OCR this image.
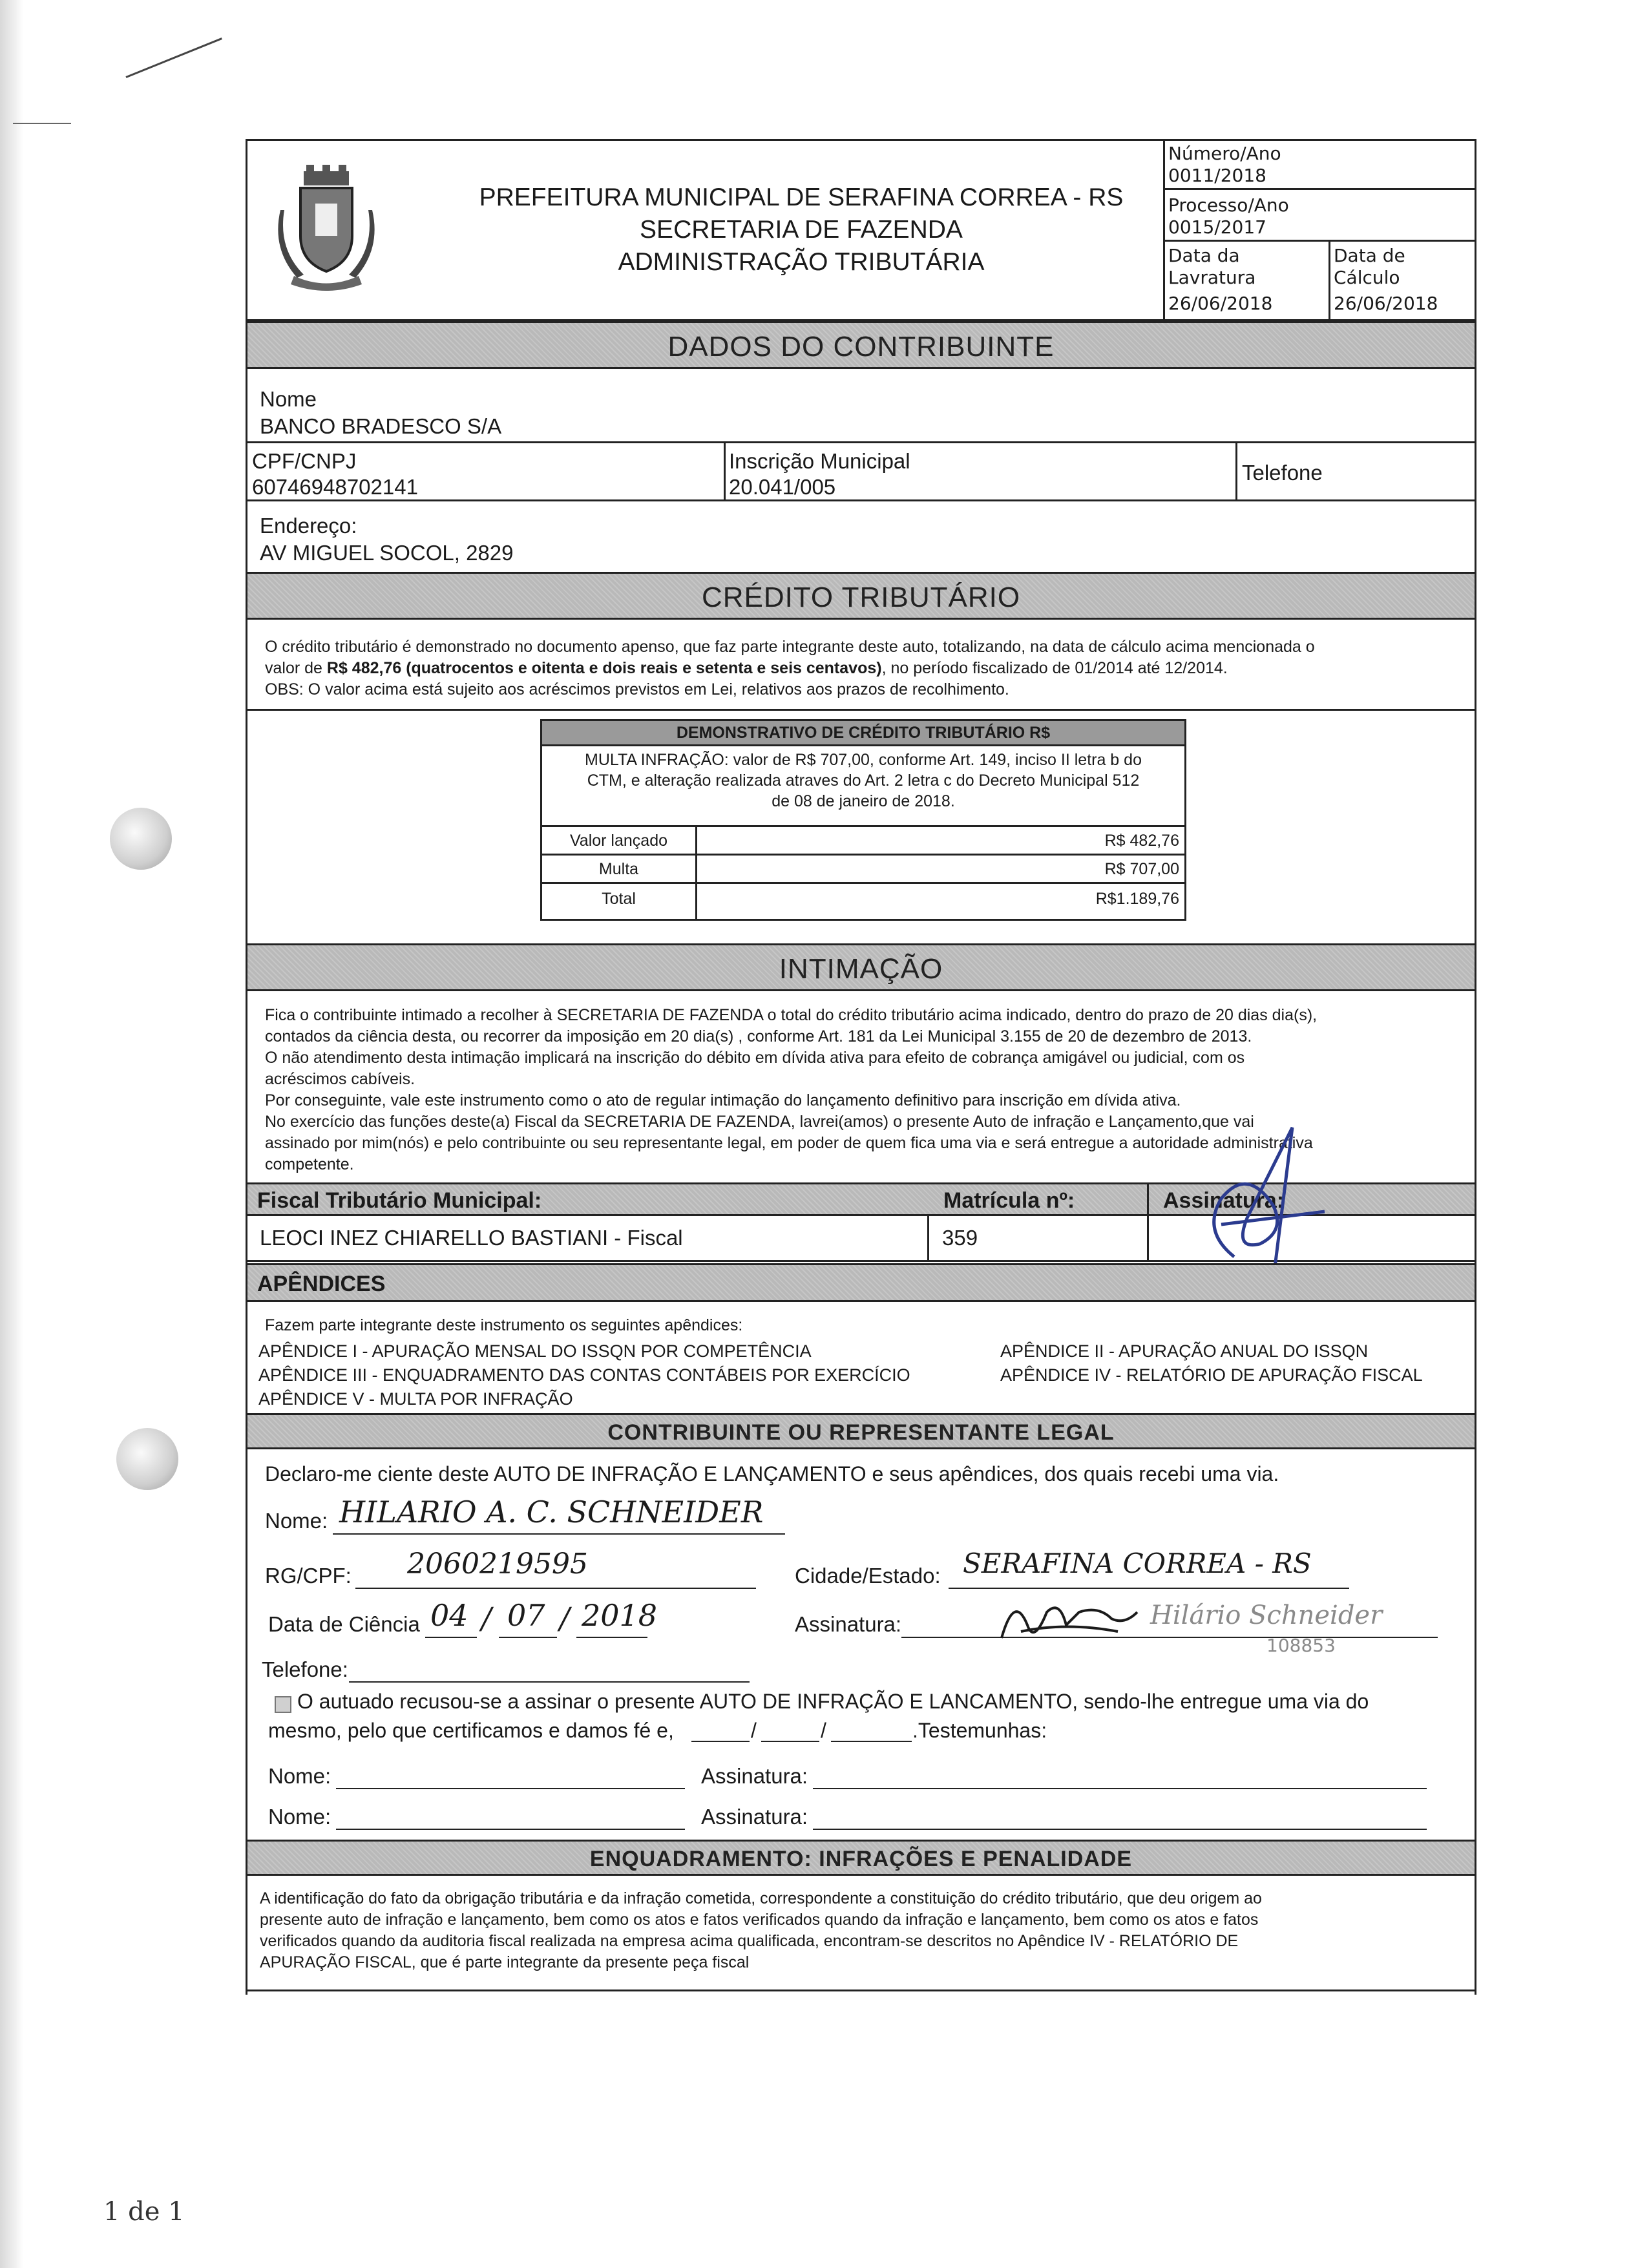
PREFEITURA MUNICIPAL DE SERAFINA CORREA - RS
SECRETARIA DE FAZENDA
ADMINISTRAÇÃO TRIBUTÁRIA
Número/Ano
0011/2018
Processo/Ano
0015/2017
Data da
Lavratura
26/06/2018
Data de
Cálculo
26/06/2018
DADOS DO CONTRIBUINTE
Nome
BANCO BRADESCO S/A
CPF/CNPJ
60746948702141
Inscrição Municipal
20.041/005
Telefone
Endereço:
AV MIGUEL SOCOL, 2829
CRÉDITO TRIBUTÁRIO
O crédito tributário é demonstrado no documento apenso, que faz parte integrante deste auto, totalizando, na data de cálculo acima mencionada o
valor de R$ 482,76 (quatrocentos e oitenta e dois reais e setenta e seis centavos), no período fiscalizado de 01/2014 até 12/2014.
OBS: O valor acima está sujeito aos acréscimos previstos em Lei, relativos aos prazos de recolhimento.
DEMONSTRATIVO DE CRÉDITO TRIBUTÁRIO R$
MULTA INFRAÇÃO: valor de R$ 707,00, conforme Art. 149, inciso II letra b do
CTM, e alteração realizada atraves do Art. 2 letra c do Decreto Municipal 512
de 08 de janeiro de 2018.
Valor lançado	R$ 482,76
Multa	R$ 707,00
Total	R$1.189,76
INTIMAÇÃO
Fica o contribuinte intimado a recolher à SECRETARIA DE FAZENDA o total do crédito tributário acima indicado, dentro do prazo de 20 dias dia(s),
contados da ciência desta, ou recorrer da imposição em 20 dia(s) , conforme Art. 181 da Lei Municipal 3.155 de 20 de dezembro de 2013.
O não atendimento desta intimação implicará na inscrição do débito em dívida ativa para efeito de cobrança amigável ou judicial, com os
acréscimos cabíveis.
Por conseguinte, vale este instrumento como o ato de regular intimação do lançamento definitivo para inscrição em dívida ativa.
No exercício das funções deste(a) Fiscal da SECRETARIA DE FAZENDA, lavrei(amos) o presente Auto de infração e Lançamento,que vai
assinado por mim(nós) e pelo contribuinte ou seu representante legal, em poder de quem fica uma via e será entregue a autoridade administrativa
competente.
Fiscal Tributário Municipal:	Matrícula nº:	Assinatura:
LEOCI INEZ CHIARELLO BASTIANI - Fiscal	359
APÊNDICES
Fazem parte integrante deste instrumento os seguintes apêndices:
APÊNDICE I - APURAÇÃO MENSAL DO ISSQN POR COMPETÊNCIA
APÊNDICE III - ENQUADRAMENTO DAS CONTAS CONTÁBEIS POR EXERCÍCIO
APÊNDICE V - MULTA POR INFRAÇÃO
APÊNDICE II - APURAÇÃO ANUAL DO ISSQN
APÊNDICE IV - RELATÓRIO DE APURAÇÃO FISCAL
CONTRIBUINTE OU REPRESENTANTE LEGAL
Declaro-me ciente deste AUTO DE INFRAÇÃO E LANÇAMENTO e seus apêndices, dos quais recebi uma via.
Nome: HILARIO A. C. SCHNEIDER
RG/CPF: 2060219595	Cidade/Estado: SERAFINA CORREA - RS
Data de Ciência 04 / 07 / 2018	Assinatura:	Hilário Schneider
108853
Telefone:
O autuado recusou-se a assinar o presente AUTO DE INFRAÇÃO E LANCAMENTO, sendo-lhe entregue uma via do
mesmo, pelo que certificamos e damos fé e,	/	/	.Testemunhas:
Nome:	Assinatura:
Nome:	Assinatura:
ENQUADRAMENTO: INFRAÇÕES E PENALIDADE
A identificação do fato da obrigação tributária e da infração cometida, correspondente a constituição do crédito tributário, que deu origem ao
presente auto de infração e lançamento, bem como os atos e fatos verificados quando da infração e lançamento, bem como os atos e fatos
verificados quando da auditoria fiscal realizada na empresa acima qualificada, encontram-se descritos no Apêndice IV - RELATÓRIO DE
APURAÇÃO FISCAL, que é parte integrante da presente peça fiscal
1 de 1
